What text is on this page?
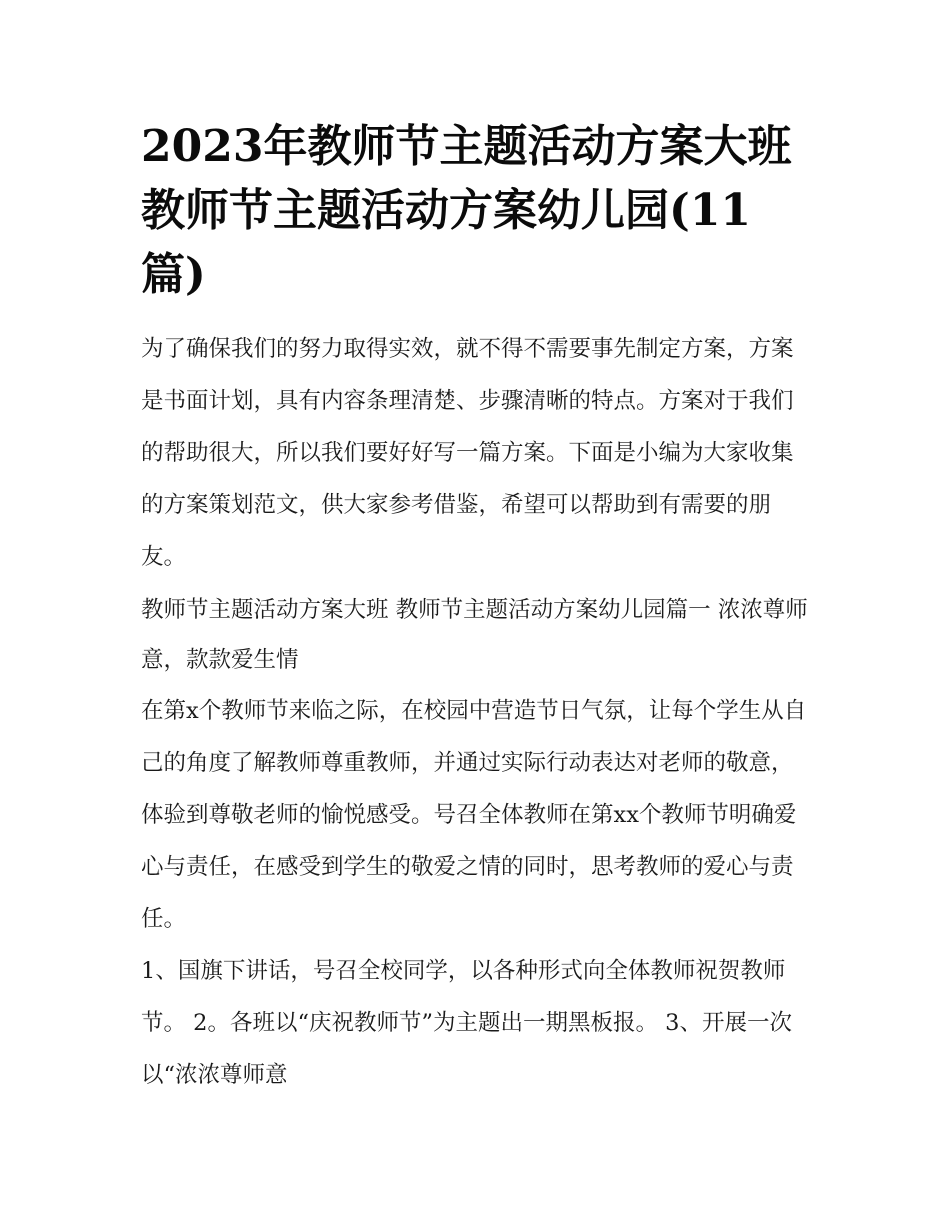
2023年教师节主题活动方案大班 教师节主题活动方案幼儿园(11篇)

为了确保我们的努力取得实效，就不得不需要事先制定方案，方案是书面计划，具有内容条理清楚、步骤清晰的特点。方案对于我们的帮助很大，所以我们要好好写一篇方案。下面是小编为大家收集的方案策划范文，供大家参考借鉴，希望可以帮助到有需要的朋友。

教师节主题活动方案大班 教师节主题活动方案幼儿园篇一 浓浓尊师意，款款爱生情

在第x个教师节来临之际，在校园中营造节日气氛，让每个学生从自己的角度了解教师尊重教师，并通过实际行动表达对老师的敬意，体验到尊敬老师的愉悦感受。号召全体教师在第xx个教师节明确爱心与责任，在感受到学生的敬爱之情的同时，思考教师的爱心与责任。

1、国旗下讲话，号召全校同学，以各种形式向全体教师祝贺教师节。 2。各班以“庆祝教师节”为主题出一期黑板报。 3、开展一次以“浓浓尊师意
